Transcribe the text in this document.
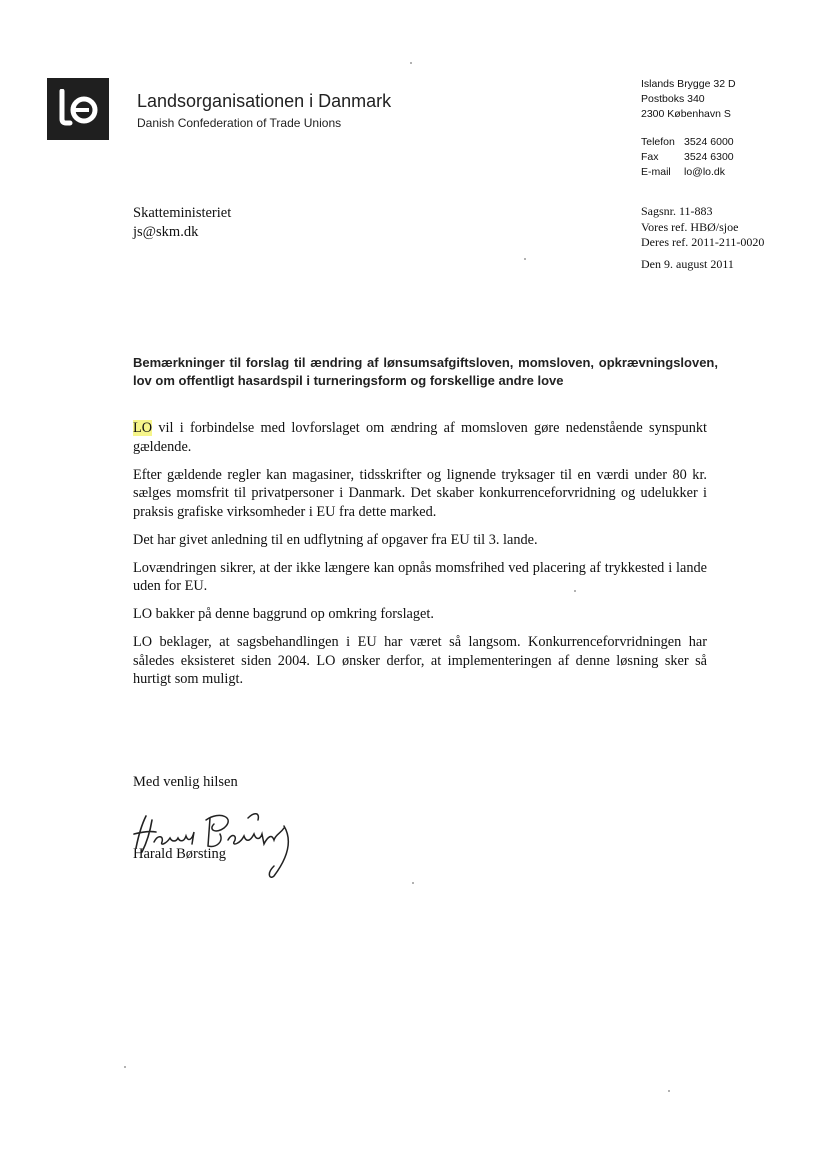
Landsorganisationen i Danmark
Danish Confederation of Trade Unions
Islands Brygge 32 D
Postboks 340
2300 København S
Telefon 3524 6000
Fax 3524 6300
E-mail lo@lo.dk
Skatteministeriet
js@skm.dk
Sagsnr. 11-883
Vores ref. HBØ/sjoe
Deres ref. 2011-211-0020
Den 9. august 2011
Bemærkninger til forslag til ændring af lønsumsafgiftsloven, momsloven, opkrævningsloven, lov om offentligt hasardspil i turneringsform og forskellige andre love

LO vil i forbindelse med lovforslaget om ændring af momsloven gøre nedenstående synspunkt gældende.

Efter gældende regler kan magasiner, tidsskrifter og lignende tryksager til en værdi under 80 kr. sælges momsfrit til privatpersoner i Danmark. Det skaber konkurrenceforvridning og udelukker i praksis grafiske virksomheder i EU fra dette marked.

Det har givet anledning til en udflytning af opgaver fra EU til 3. lande.

Lovændringen sikrer, at der ikke længere kan opnås momsfrihed ved placering af trykkested i lande uden for EU.

LO bakker på denne baggrund op omkring forslaget.

LO beklager, at sagsbehandlingen i EU har været så langsom. Konkurrenceforvridningen har således eksisteret siden 2004. LO ønsker derfor, at implementeringen af denne løsning sker så hurtigt som muligt.

Med venlig hilsen
Harald Børsting
